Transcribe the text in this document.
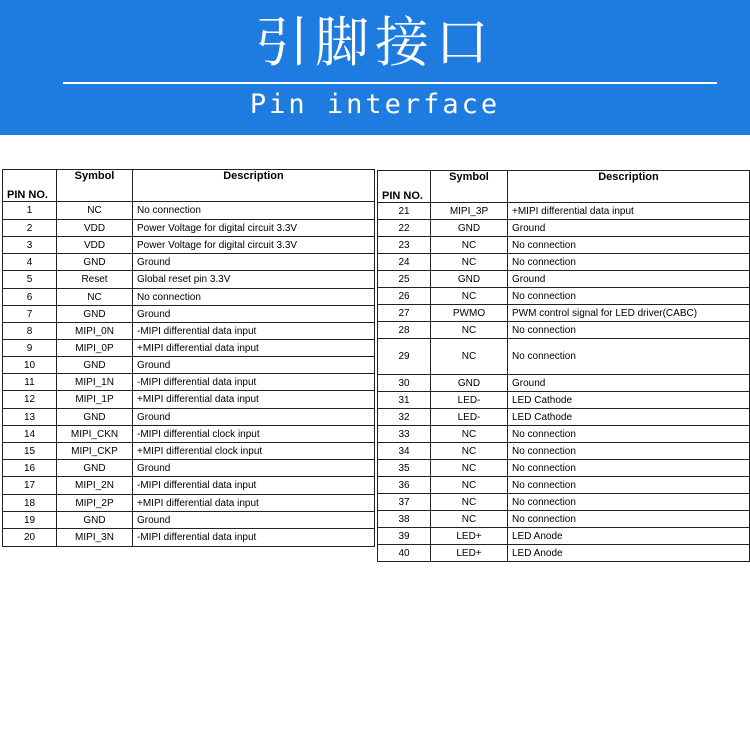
引脚接口
Pin interface
PIN NO.	Symbol	Description
1	NC	No connection
2	VDD	Power Voltage for digital circuit 3.3V
3	VDD	Power Voltage for digital circuit 3.3V
4	GND	Ground
5	Reset	Global reset pin 3.3V
6	NC	No connection
7	GND	Ground
8	MIPI_0N	-MIPI differential data input
9	MIPI_0P	+MIPI differential data input
10	GND	Ground
11	MIPI_1N	-MIPI differential data input
12	MIPI_1P	+MIPI differential data input
13	GND	Ground
14	MIPI_CKN	-MIPI differential clock input
15	MIPI_CKP	+MIPI differential clock input
16	GND	Ground
17	MIPI_2N	-MIPI differential data input
18	MIPI_2P	+MIPI differential data input
19	GND	Ground
20	MIPI_3N	-MIPI differential data input
PIN NO.	Symbol	Description
21	MIPI_3P	+MIPI differential data input
22	GND	Ground
23	NC	No connection
24	NC	No connection
25	GND	Ground
26	NC	No connection
27	PWMO	PWM control signal for LED driver(CABC)
28	NC	No connection
29	NC	No connection
30	GND	Ground
31	LED-	LED Cathode
32	LED-	LED Cathode
33	NC	No connection
34	NC	No connection
35	NC	No connection
36	NC	No connection
37	NC	No connection
38	NC	No connection
39	LED+	LED Anode
40	LED+	LED Anode
